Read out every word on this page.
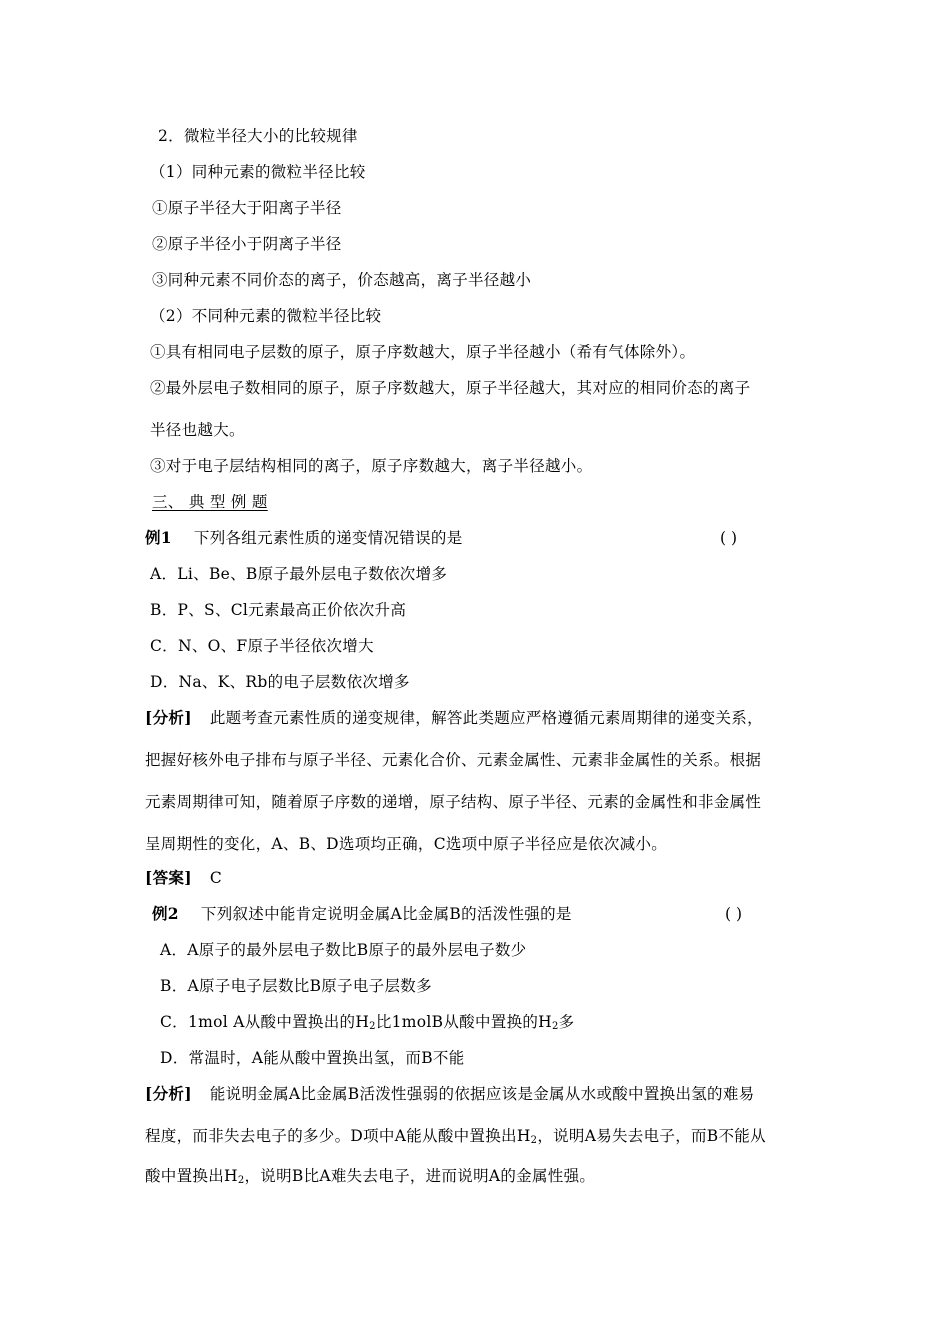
2．微粒半径大小的比较规律
（1）同种元素的微粒半径比较
①原子半径大于阳离子半径
②原子半径小于阴离子半径
③同种元素不同价态的离子，价态越高，离子半径越小
（2）不同种元素的微粒半径比较
①具有相同电子层数的原子，原子序数越大，原子半径越小（希有气体除外）。
②最外层电子数相同的原子，原子序数越大，原子半径越大，其对应的相同价态的离子
半径也越大。
③对于电子层结构相同的离子，原子序数越大，离子半径越小。
三、 典 型 例 题
例1 下列各组元素性质的递变情况错误的是	( )
A．Li、Be、B原子最外层电子数依次增多
B．P、S、Cl元素最高正价依次升高
C．N、O、F原子半径依次增大
D．Na、K、Rb的电子层数依次增多
[分析] 此题考查元素性质的递变规律，解答此类题应严格遵循元素周期律的递变关系，
把握好核外电子排布与原子半径、元素化合价、元素金属性、元素非金属性的关系。根据
元素周期律可知，随着原子序数的递增，原子结构、原子半径、元素的金属性和非金属性
呈周期性的变化，A、B、D选项均正确，C选项中原子半径应是依次减小。
[答案] C
例2 下列叙述中能肯定说明金属A比金属B的活泼性强的是	( )
A．A原子的最外层电子数比B原子的最外层电子数少
B．A原子电子层数比B原子电子层数多
C．1mol A从酸中置换出的$H_2$比1molB从酸中置换的$H_2$多
D．常温时，A能从酸中置换出氢，而B不能
[分析] 能说明金属A比金属B活泼性强弱的依据应该是金属从水或酸中置换出氢的难易
程度，而非失去电子的多少。D项中A能从酸中置换出$H_2$，说明A易失去电子，而B不能从
酸中置换出$H_2$，说明B比A难失去电子，进而说明A的金属性强。
